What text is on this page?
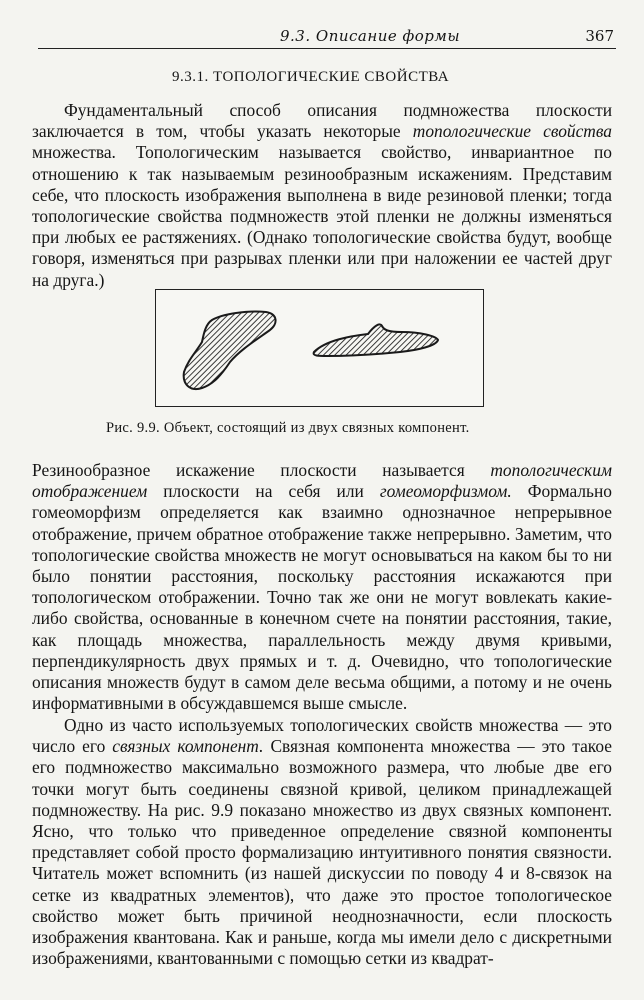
9.3. Описание формы	367
9.3.1. ТОПОЛОГИЧЕСКИЕ СВОЙСТВА

Фундаментальный способ описания подмножества плоскости заключается в том, чтобы указать некоторые топологические свойства множества. Топологическим называется свойство, инвариантное по отношению к так называемым резинообразным искажениям. Представим себе, что плоскость изображения выполнена в виде резиновой пленки; тогда топологические свойства подмножеств этой пленки не должны изменяться при любых ее растяжениях. (Однако топологические свойства будут, вообще говоря, изменяться при разрывах пленки или при наложении ее частей друг на друга.)

Рис. 9.9. Объект, состоящий из двух связных компонент.

Резинообразное искажение плоскости называется топологическим отображением плоскости на себя или гомеоморфизмом. Формально гомеоморфизм определяется как взаимно однозначное непрерывное отображение, причем обратное отображение также непрерывно. Заметим, что топологические свойства множеств не могут основываться на каком бы то ни было понятии расстояния, поскольку расстояния искажаются при топологическом отображении. Точно так же они не могут вовлекать какие-либо свойства, основанные в конечном счете на понятии расстояния, такие, как площадь множества, параллельность между двумя кривыми, перпендикулярность двух прямых и т. д. Очевидно, что топологические описания множеств будут в самом деле весьма общими, а потому и не очень информативными в обсуждавшемся выше смысле.

Одно из часто используемых топологических свойств множества — это число его связных компонент. Связная компонента множества — это такое его подмножество максимально возможного размера, что любые две его точки могут быть соединены связной кривой, целиком принадлежащей подмножеству. На рис. 9.9 показано множество из двух связных компонент. Ясно, что только что приведенное определение связной компоненты представляет собой просто формализацию интуитивного понятия связности. Читатель может вспомнить (из нашей дискуссии по поводу 4 и 8-связок на сетке из квадратных элементов), что даже это простое топологическое свойство может быть причиной неоднозначности, если плоскость изображения квантована. Как и раньше, когда мы имели дело с дискретными изображениями, квантованными с помощью сетки из квадрат-
